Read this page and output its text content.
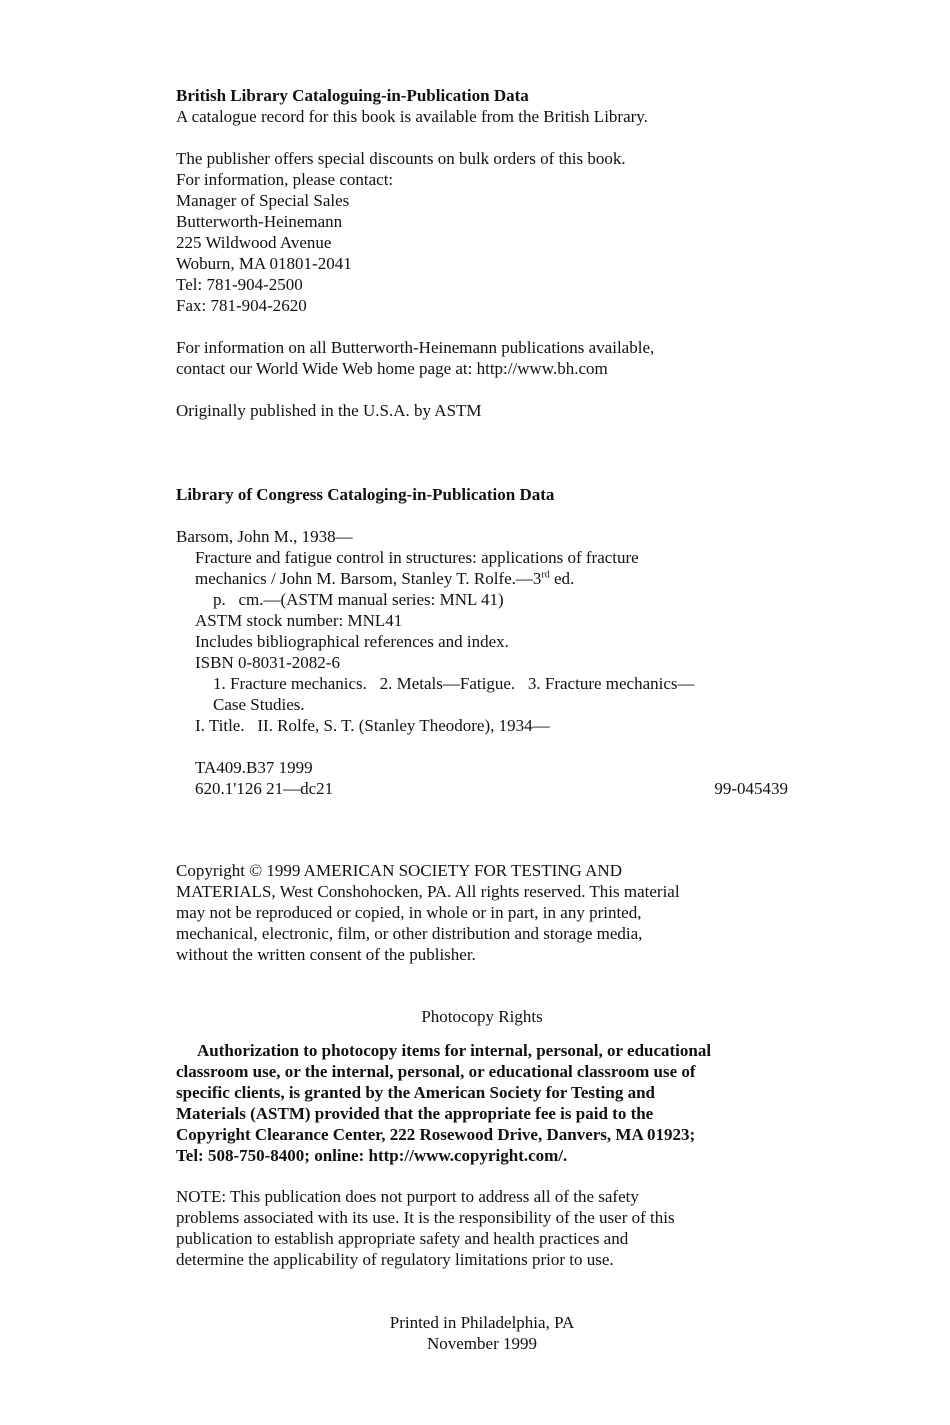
British Library Cataloguing-in-Publication Data

A catalogue record for this book is available from the British Library.

The publisher offers special discounts on bulk orders of this book.

For information, please contact:

Manager of Special Sales

Butterworth-Heinemann

225 Wildwood Avenue

Woburn, MA 01801-2041

Tel: 781-904-2500

Fax: 781-904-2620

For information on all Butterworth-Heinemann publications available,

contact our World Wide Web home page at: http://www.bh.com

Originally published in the U.S.A. by ASTM

Library of Congress Cataloging-in-Publication Data

Barsom, John M., 1938—

Fracture and fatigue control in structures: applications of fracture

mechanics / John M. Barsom, Stanley T. Rolfe.—3rd ed.

p.   cm.—(ASTM manual series: MNL 41)

ASTM stock number: MNL41

Includes bibliographical references and index.

ISBN 0-8031-2082-6

1. Fracture mechanics.   2. Metals—Fatigue.   3. Fracture mechanics—

Case Studies.

I. Title.   II. Rolfe, S. T. (Stanley Theodore), 1934—

TA409.B37 1999

620.1'126 21—dc21	99-045439

Copyright © 1999 AMERICAN SOCIETY FOR TESTING AND

MATERIALS, West Conshohocken, PA. All rights reserved. This material

may not be reproduced or copied, in whole or in part, in any printed,

mechanical, electronic, film, or other distribution and storage media,

without the written consent of the publisher.

Photocopy Rights

Authorization to photocopy items for internal, personal, or educational

classroom use, or the internal, personal, or educational classroom use of

specific clients, is granted by the American Society for Testing and

Materials (ASTM) provided that the appropriate fee is paid to the

Copyright Clearance Center, 222 Rosewood Drive, Danvers, MA 01923;

Tel: 508-750-8400; online: http://www.copyright.com/.

NOTE: This publication does not purport to address all of the safety

problems associated with its use. It is the responsibility of the user of this

publication to establish appropriate safety and health practices and

determine the applicability of regulatory limitations prior to use.

Printed in Philadelphia, PA

November 1999
